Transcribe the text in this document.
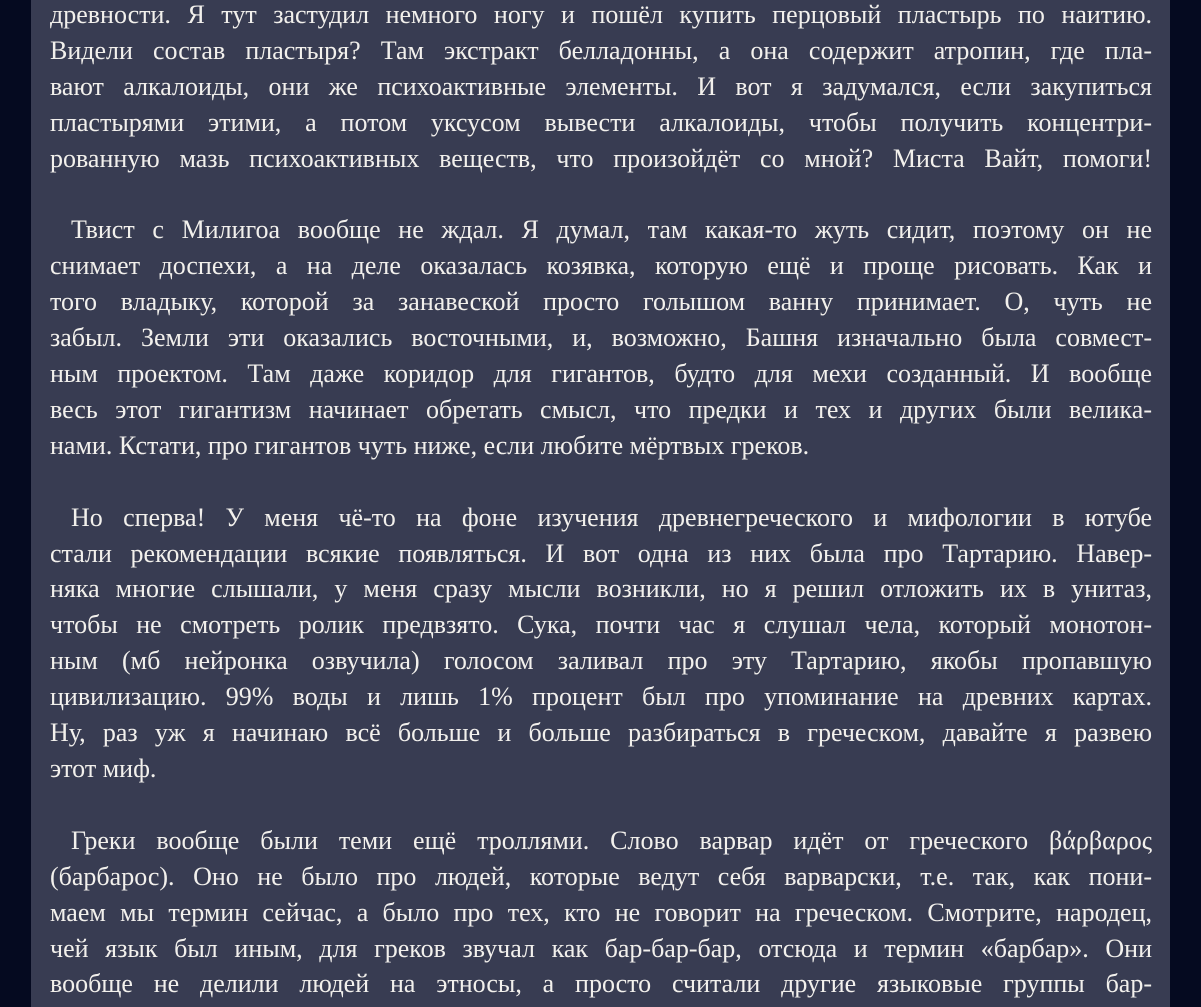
древности. Я тут застудил немного ногу и пошёл купить перцовый пластырь по наитию.
Видели состав пластыря? Там экстракт белладонны, а она содержит атропин, где пла-
вают алкалоиды, они же психоактивные элементы. И вот я задумался, если закупиться
пластырями этими, а потом уксусом вывести алкалоиды, чтобы получить концентри-
рованную мазь психоактивных веществ, что произойдёт со мной? Миста Вайт, помоги!

Твист с Милигоа вообще не ждал. Я думал, там какая-то жуть сидит, поэтому он не
снимает доспехи, а на деле оказалась козявка, которую ещё и проще рисовать. Как и
того владыку, которой за занавеской просто голышом ванну принимает. О, чуть не
забыл. Земли эти оказались восточными, и, возможно, Башня изначально была совмест-
ным проектом. Там даже коридор для гигантов, будто для мехи созданный. И вообще
весь этот гигантизм начинает обретать смысл, что предки и тех и других были велика-
нами. Кстати, про гигантов чуть ниже, если любите мёртвых греков.

Но сперва! У меня чё-то на фоне изучения древнегреческого и мифологии в ютубе
стали рекомендации всякие появляться. И вот одна из них была про Тартарию. Навер-
няка многие слышали, у меня сразу мысли возникли, но я решил отложить их в унитаз,
чтобы не смотреть ролик предвзято. Сука, почти час я слушал чела, который монотон-
ным (мб нейронка озвучила) голосом заливал про эту Тартарию, якобы пропавшую
цивилизацию. 99% воды и лишь 1% процент был про упоминание на древних картах.
Ну, раз уж я начинаю всё больше и больше разбираться в греческом, давайте я развею
этот миф.

Греки вообще были теми ещё троллями. Слово варвар идёт от греческого βάρβαρος
(барбарос). Оно не было про людей, которые ведут себя варварски, т.е. так, как пони-
маем мы термин сейчас, а было про тех, кто не говорит на греческом. Смотрите, народец,
чей язык был иным, для греков звучал как бар-бар-бар, отсюда и термин «барбар». Они
вообще не делили людей на этносы, а просто считали другие языковые группы бар-
